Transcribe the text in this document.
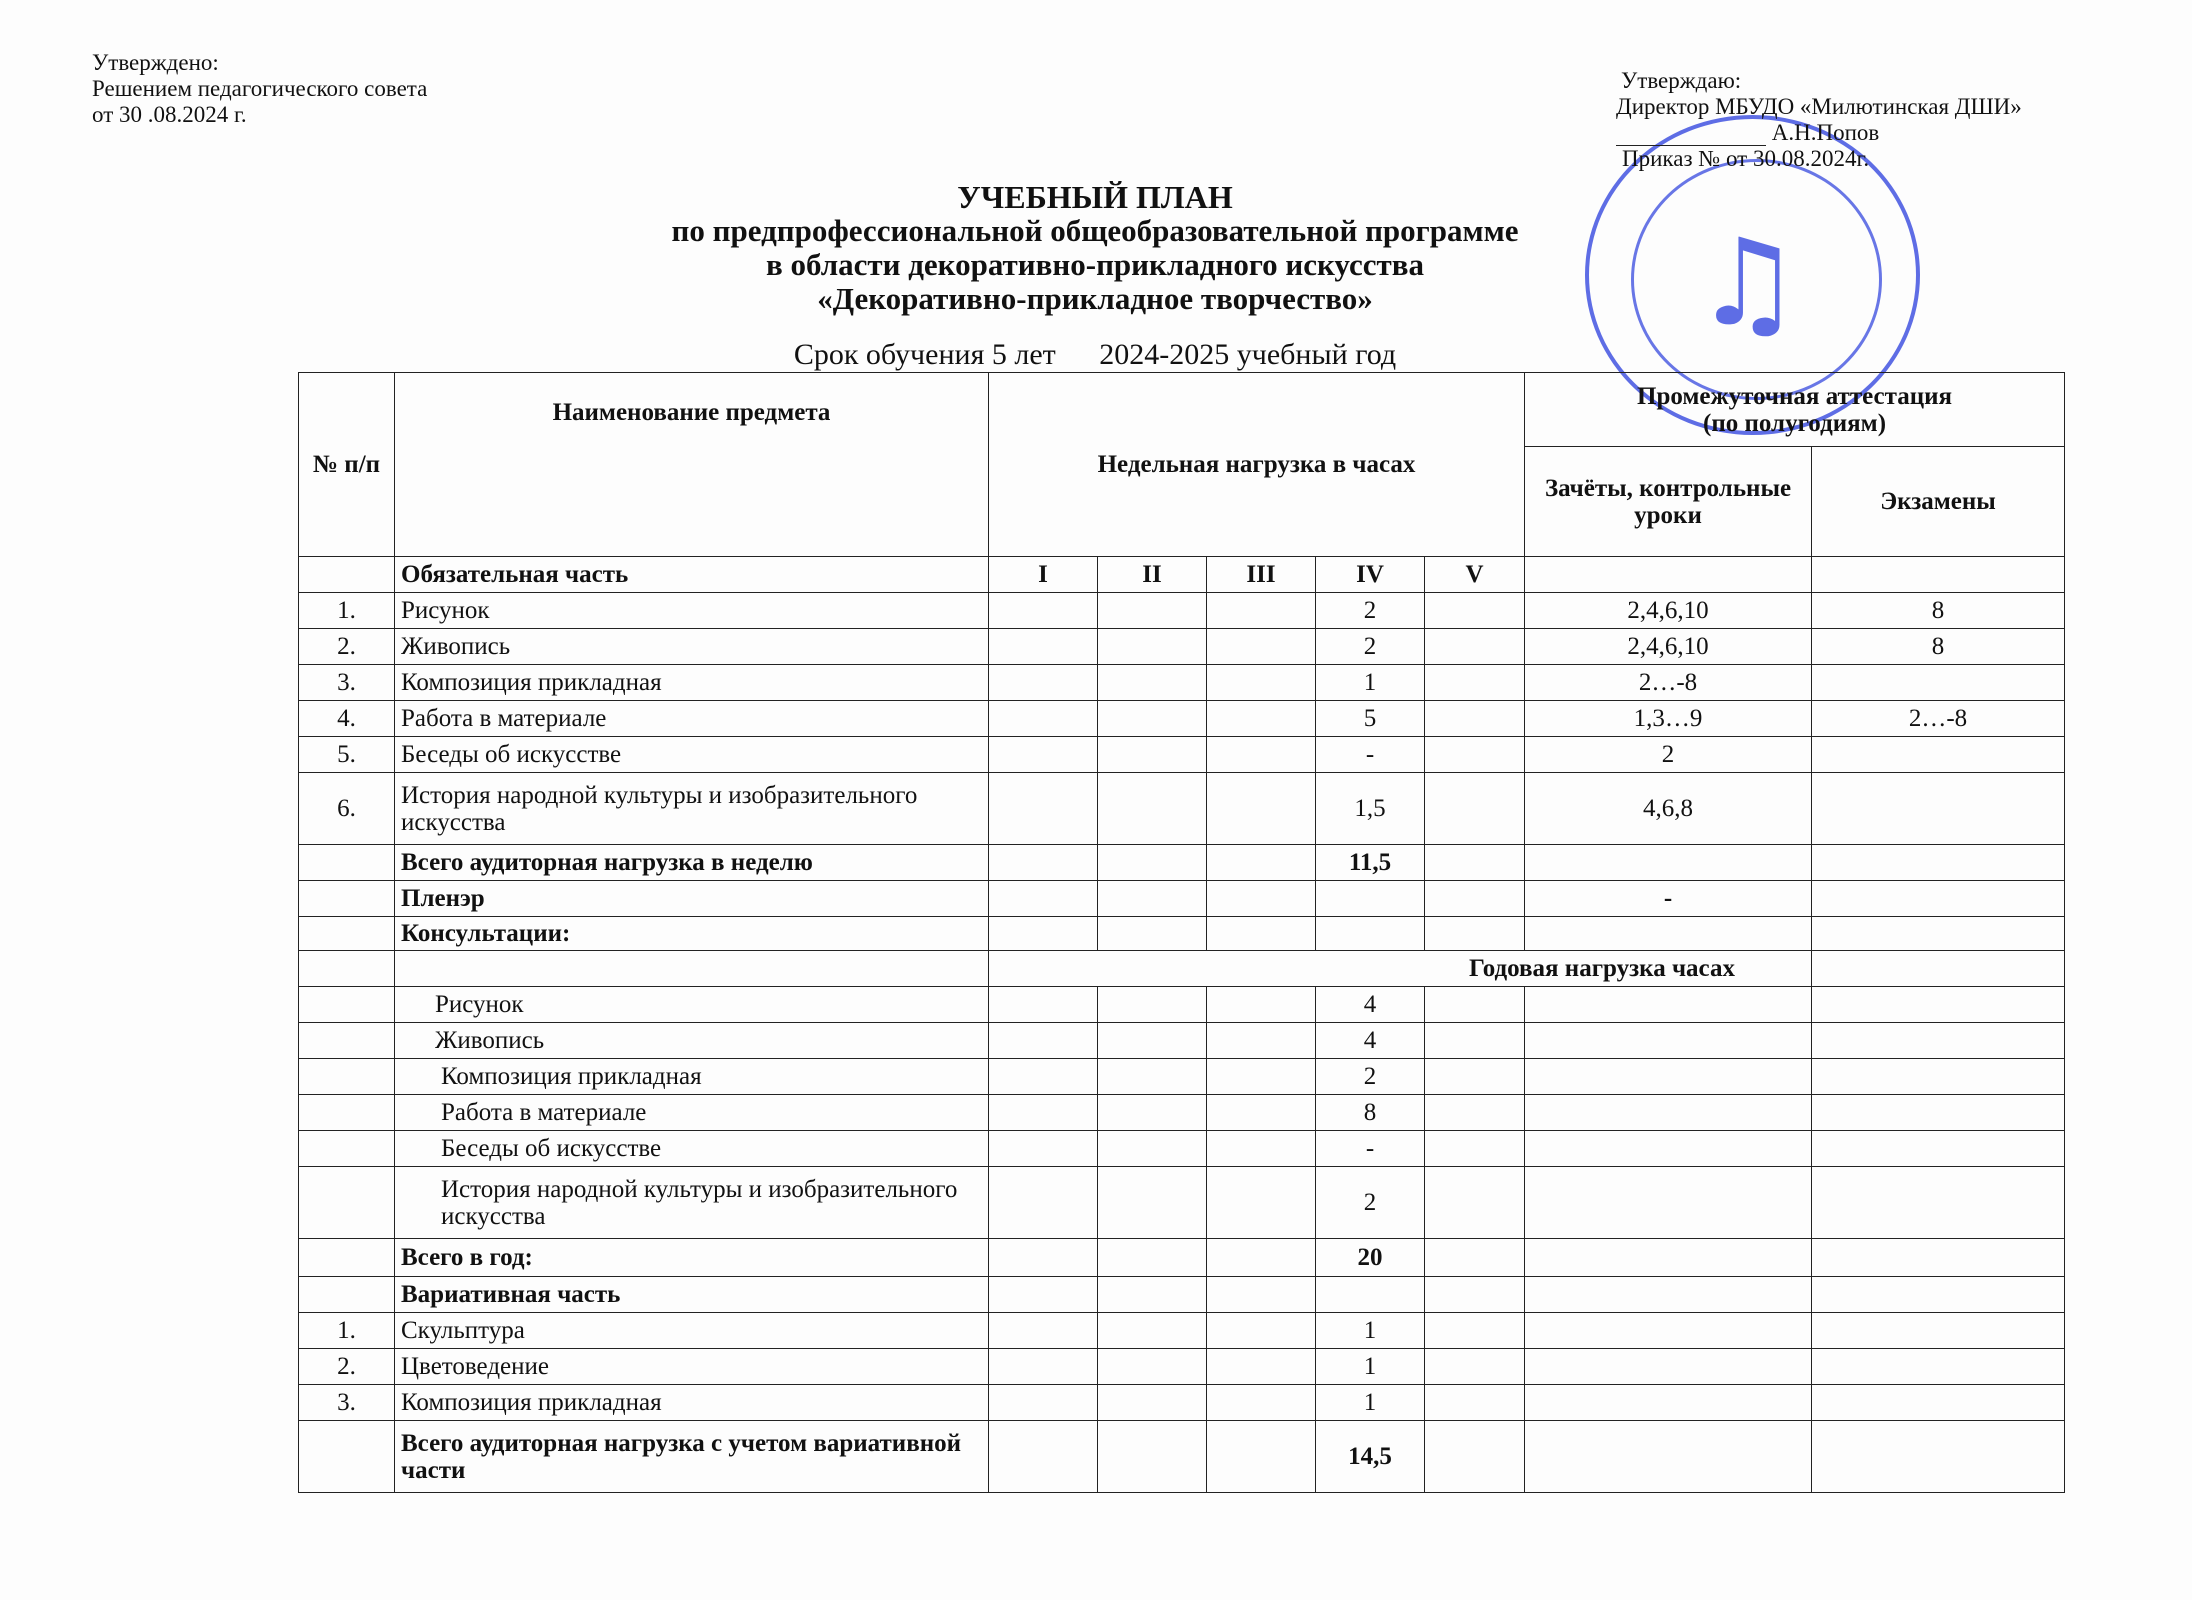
Утверждено:
Решением педагогического совета
от 30 .08.2024 г.
♫
Утверждаю:
Директор МБУДО «Милютинская ДШИ»
А.Н.Попов
Приказ № от 30.08.2024г.
УЧЕБНЫЙ ПЛАН
по предпрофессиональной общеобразовательной программе
в области декоративно-прикладного искусства
«Декоративно-прикладное творчество»
Срок обучения 5 лет 2024-2025 учебный год
№ п/п	Наименование предмета	Недельная нагрузка в часах					Промежуточная аттестация
(по полугодиям)	

							Зачёты, контрольные уроки	Экзамены
	Обязательная часть	I	II	III	IV	V		
1.	Рисунок				2		2,4,6,10	8
2.	Живопись				2		2,4,6,10	8
3.	Композиция прикладная				1		2…-8	
4.	Работа в материале				5		1,3…9	2…-8
5.	Беседы об искусстве				-		2	
6.	История народной культуры и изобразительного искусства				1,5		4,6,8	
	Всего аудиторная нагрузка в неделю				11,5			
	Пленэр						-	
	Консультации:							
		Годовая нагрузка часах						
	Рисунок				4			
	Живопись				4			
	Композиция прикладная				2			
	Работа в материале				8			
	Беседы об искусстве				-			
	История народной культуры и изобразительного искусства				2			
	Всего в год:				20			
	Вариативная часть							
1.	Скульптура				1			
2.	Цветоведение				1			
3.	Композиция прикладная				1			
	Всего аудиторная нагрузка с учетом вариативной части				14,5			
